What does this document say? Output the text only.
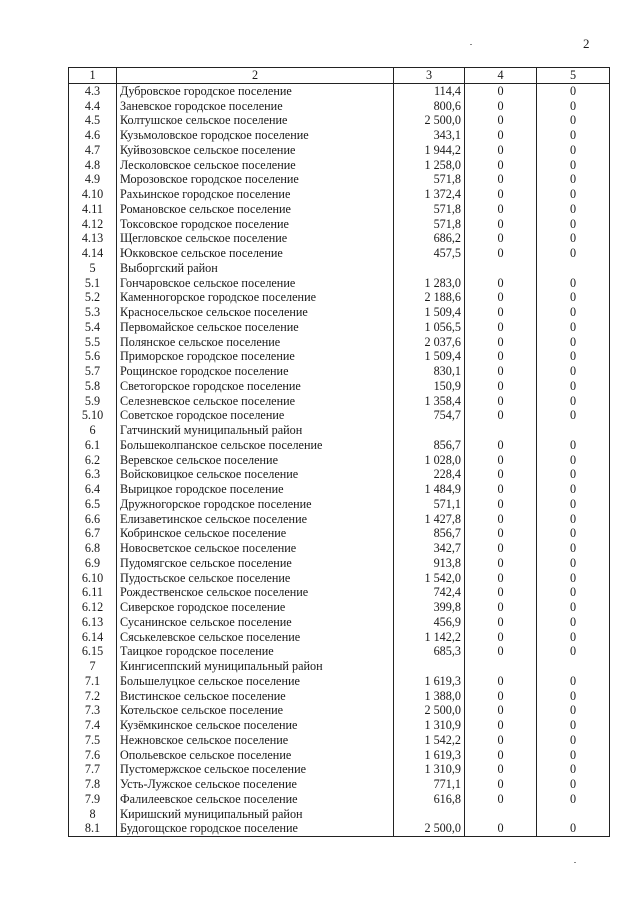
2
1	2	3	4	5
4.3	Дубровское городское поселение	114,4	0	0
4.4	Заневское городское поселение	800,6	0	0
4.5	Колтушское сельское поселение	2 500,0	0	0
4.6	Кузьмоловское городское поселение	343,1	0	0
4.7	Куйвозовское сельское поселение	1 944,2	0	0
4.8	Лесколовское сельское поселение	1 258,0	0	0
4.9	Морозовское городское поселение	571,8	0	0
4.10	Рахьинское городское поселение	1 372,4	0	0
4.11	Романовское сельское поселение	571,8	0	0
4.12	Токсовское городское поселение	571,8	0	0
4.13	Щегловское сельское поселение	686,2	0	0
4.14	Юкковское сельское поселение	457,5	0	0
5	Выборгский район			
5.1	Гончаровское сельское поселение	1 283,0	0	0
5.2	Каменногорское городское поселение	2 188,6	0	0
5.3	Красносельское сельское поселение	1 509,4	0	0
5.4	Первомайское сельское поселение	1 056,5	0	0
5.5	Полянское сельское поселение	2 037,6	0	0
5.6	Приморское городское поселение	1 509,4	0	0
5.7	Рощинское городское поселение	830,1	0	0
5.8	Светогорское городское поселение	150,9	0	0
5.9	Селезневское сельское поселение	1 358,4	0	0
5.10	Советское городское поселение	754,7	0	0
6	Гатчинский муниципальный район			
6.1	Большеколпанское сельское поселение	856,7	0	0
6.2	Веревское сельское поселение	1 028,0	0	0
6.3	Войсковицкое сельское поселение	228,4	0	0
6.4	Вырицкое городское поселение	1 484,9	0	0
6.5	Дружногорское городское поселение	571,1	0	0
6.6	Елизаветинское сельское поселение	1 427,8	0	0
6.7	Кобринское сельское поселение	856,7	0	0
6.8	Новосветское сельское поселение	342,7	0	0
6.9	Пудомягское сельское поселение	913,8	0	0
6.10	Пудостьское сельское поселение	1 542,0	0	0
6.11	Рождественское сельское поселение	742,4	0	0
6.12	Сиверское городское поселение	399,8	0	0
6.13	Сусанинское сельское поселение	456,9	0	0
6.14	Сяськелевское сельское поселение	1 142,2	0	0
6.15	Таицкое городское поселение	685,3	0	0
7	Кингисеппский муниципальный район			
7.1	Большелуцкое сельское поселение	1 619,3	0	0
7.2	Вистинское сельское поселение	1 388,0	0	0
7.3	Котельское сельское поселение	2 500,0	0	0
7.4	Кузёмкинское сельское поселение	1 310,9	0	0
7.5	Нежновское сельское поселение	1 542,2	0	0
7.6	Опольевское сельское поселение	1 619,3	0	0
7.7	Пустомержское сельское поселение	1 310,9	0	0
7.8	Усть-Лужское сельское поселение	771,1	0	0
7.9	Фалилеевское сельское поселение	616,8	0	0
8	Киришский муниципальный район			
8.1	Будогощское городское поселение	2 500,0	0	0
